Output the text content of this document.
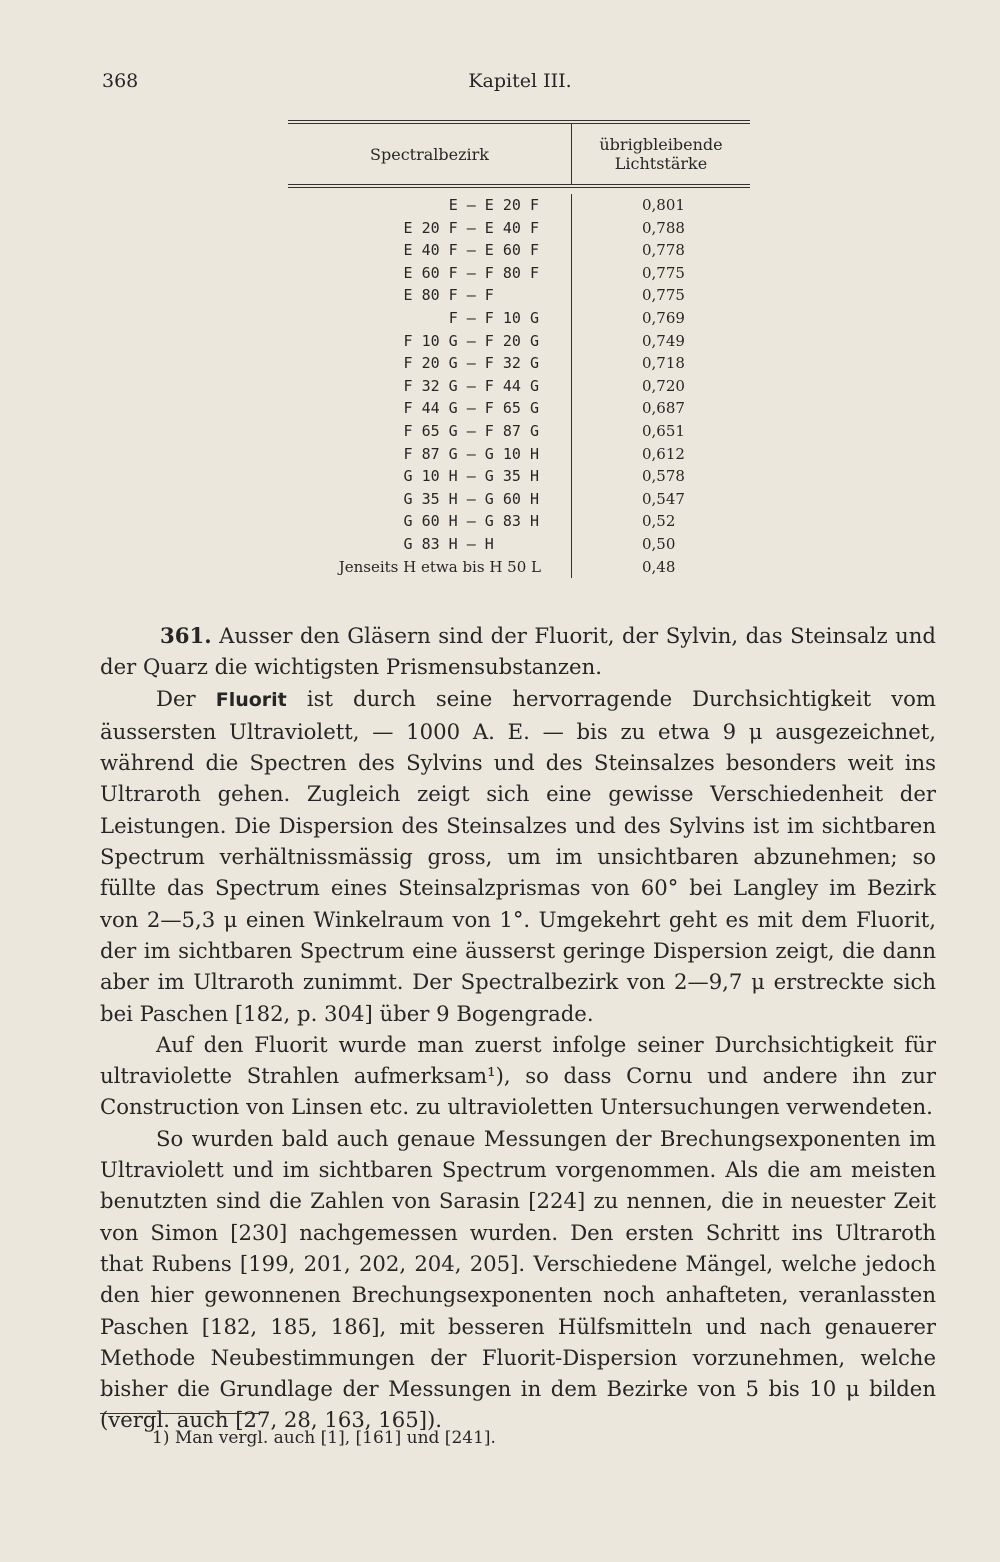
368	Kapitel III.
Spectralbezirk	übrigbleibende
Lichtstärke
E — E 20 F
E 20 F — E 40 F
E 40 F — E 60 F
E 60 F — F 80 F
E 80 F — F
F — F 10 G
F 10 G — F 20 G
F 20 G — F 32 G
F 32 G — F 44 G
F 44 G — F 65 G
F 65 G — F 87 G
F 87 G — G 10 H
G 10 H — G 35 H
G 35 H — G 60 H
G 60 H — G 83 H
G 83 H — H
Jenseits H etwa bis H 50 L
0,801
0,788
0,778
0,775
0,775
0,769
0,749
0,718
0,720
0,687
0,651
0,612
0,578
0,547
0,52
0,50
0,48

361. Ausser den Gläsern sind der Fluorit, der Sylvin, das Steinsalz und der Quarz die wichtigsten Prismensubstanzen.

Der Fluorit ist durch seine hervorragende Durchsichtigkeit vom äussersten Ultraviolett, — 1000 A. E. — bis zu etwa 9 μ ausgezeichnet, während die Spectren des Sylvins und des Steinsalzes besonders weit ins Ultraroth gehen. Zugleich zeigt sich eine gewisse Verschiedenheit der Leistungen. Die Dispersion des Steinsalzes und des Sylvins ist im sichtbaren Spectrum verhältnissmässig gross, um im unsichtbaren abzunehmen; so füllte das Spectrum eines Steinsalzprismas von 60° bei Langley im Bezirk von 2—5,3 μ einen Winkelraum von 1°. Umgekehrt geht es mit dem Fluorit, der im sichtbaren Spectrum eine äusserst geringe Dispersion zeigt, die dann aber im Ultraroth zunimmt. Der Spectralbezirk von 2—9,7 μ erstreckte sich bei Paschen [182, p. 304] über 9 Bogengrade.

Auf den Fluorit wurde man zuerst infolge seiner Durchsichtigkeit für ultraviolette Strahlen aufmerksam¹), so dass Cornu und andere ihn zur Construction von Linsen etc. zu ultravioletten Untersuchungen verwendeten.

So wurden bald auch genaue Messungen der Brechungsexponenten im Ultraviolett und im sichtbaren Spectrum vorgenommen. Als die am meisten benutzten sind die Zahlen von Sarasin [224] zu nennen, die in neuester Zeit von Simon [230] nachgemessen wurden. Den ersten Schritt ins Ultraroth that Rubens [199, 201, 202, 204, 205]. Verschiedene Mängel, welche jedoch den hier gewonnenen Brechungsexponenten noch anhafteten, veranlassten Paschen [182, 185, 186], mit besseren Hülfsmitteln und nach genauerer Methode Neubestimmungen der Fluorit-Dispersion vorzunehmen, welche bisher die Grundlage der Messungen in dem Bezirke von 5 bis 10 μ bilden (vergl. auch [27, 28, 163, 165]).

1) Man vergl. auch [1], [161] und [241].
